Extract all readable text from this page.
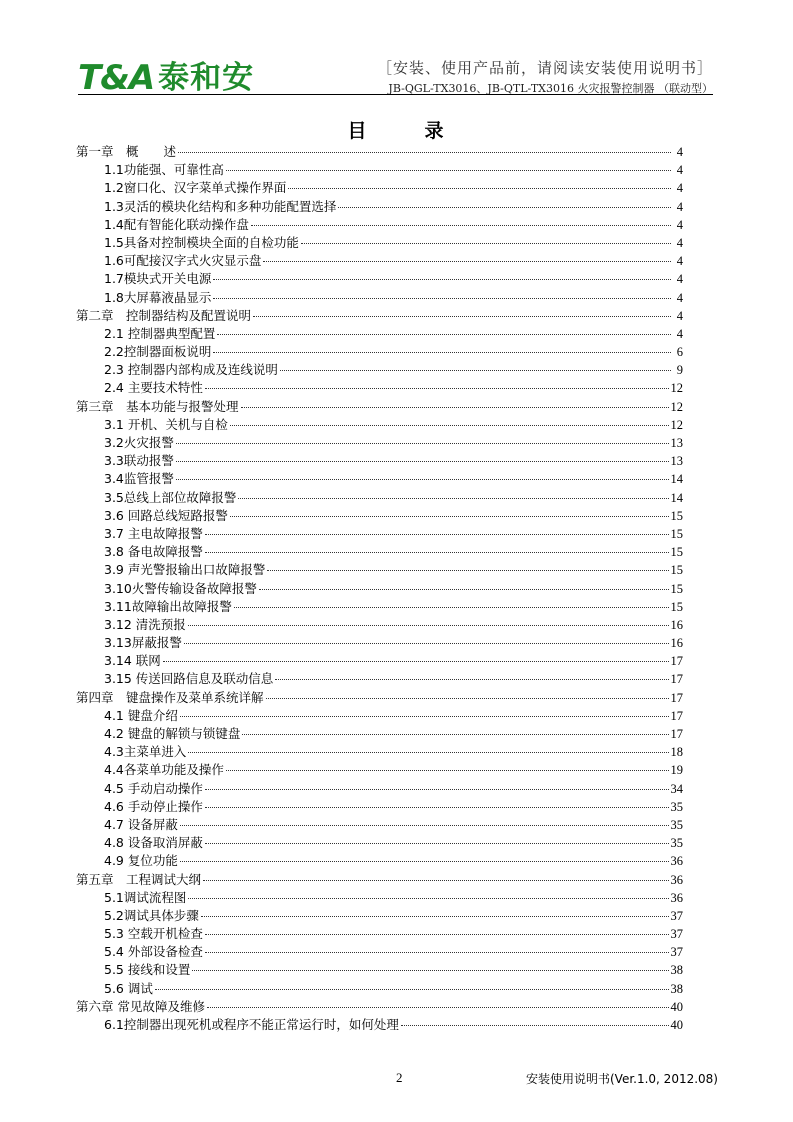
T&A 泰和安	［安装、使用产品前，请阅读安装使用说明书］
JB-QGL-TX3016、JB-QTL-TX3016 火灾报警控制器 （联动型）
目	录
第一章　概　　述	4
1.1功能强、可靠性高	4
1.2窗口化、汉字菜单式操作界面	4
1.3灵活的模块化结构和多种功能配置选择	4
1.4配有智能化联动操作盘	4
1.5具备对控制模块全面的自检功能	4
1.6可配接汉字式火灾显示盘	4
1.7模块式开关电源	4
1.8大屏幕液晶显示	4
第二章　控制器结构及配置说明	4
2.1 控制器典型配置	4
2.2控制器面板说明	6
2.3 控制器内部构成及连线说明	9
2.4 主要技术特性	12
第三章　基本功能与报警处理	12
3.1 开机、关机与自检	12
3.2火灾报警	13
3.3联动报警	13
3.4监管报警	14
3.5总线上部位故障报警	14
3.6 回路总线短路报警	15
3.7 主电故障报警	15
3.8 备电故障报警	15
3.9 声光警报输出口故障报警	15
3.10火警传输设备故障报警	15
3.11故障输出故障报警	15
3.12 清洗预报	16
3.13屏蔽报警	16
3.14 联网	17
3.15 传送回路信息及联动信息	17
第四章　键盘操作及菜单系统详解	17
4.1 键盘介绍	17
4.2 键盘的解锁与锁键盘	17
4.3主菜单进入	18
4.4各菜单功能及操作	19
4.5 手动启动操作	34
4.6 手动停止操作	35
4.7 设备屏蔽	35
4.8 设备取消屏蔽	35
4.9 复位功能	36
第五章　工程调试大纲	36
5.1调试流程图	36
5.2调试具体步骤	37
5.3 空载开机检查	37
5.4 外部设备检查	37
5.5 接线和设置	38
5.6 调试	38
第六章 常见故障及维修	40
6.1控制器出现死机或程序不能正常运行时，如何处理	40
2	安装使用说明书(Ver.1.0, 2012.08)
